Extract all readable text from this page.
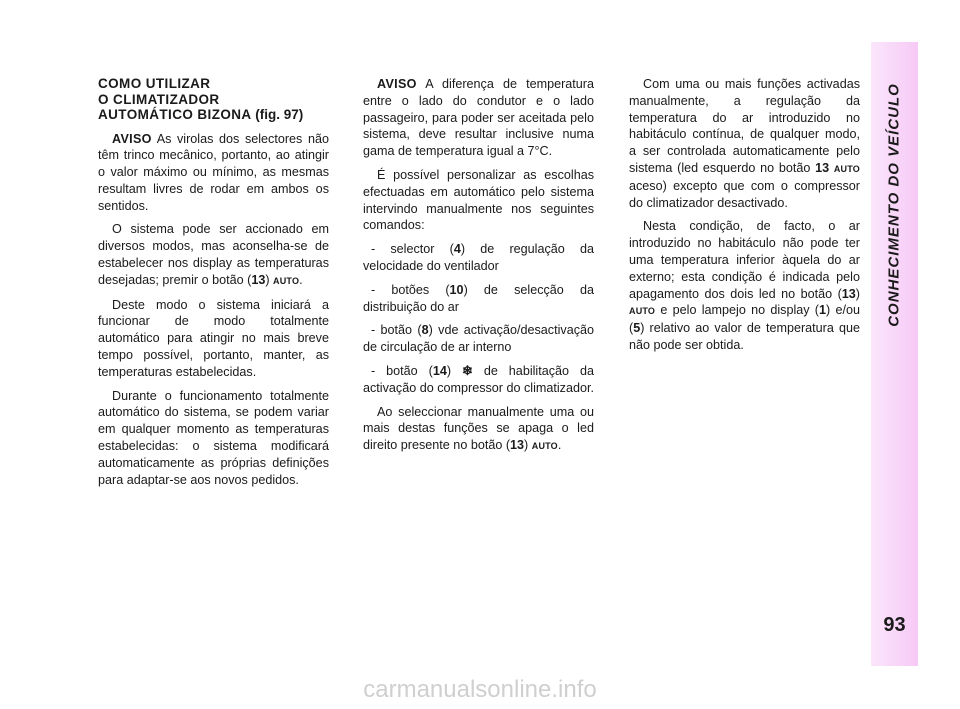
CONHECIMENTO DO VEÍCULO
93
COMO UTILIZAR
O CLIMATIZADOR
AUTOMÁTICO BIZONA (fig. 97)

AVISO As virolas dos selectores não têm trinco mecânico, portanto, ao atingir o valor máximo ou mínimo, as mesmas resultam livres de rodar em ambos os sentidos.

O sistema pode ser accionado em diversos modos, mas aconselha-se de estabelecer nos display as temperaturas desejadas; premir o botão (13) AUTO.

Deste modo o sistema iniciará a funcionar de modo totalmente automático para atingir no mais breve tempo possível, portanto, manter, as temperaturas estabelecidas.

Durante o funcionamento totalmente automático do sistema, se podem variar em qualquer momento as temperaturas estabelecidas: o sistema modificará automaticamente as próprias definições para adaptar-se aos novos pedidos.

AVISO A diferença de temperatura entre o lado do condutor e o lado passageiro, para poder ser aceitada pelo sistema, deve resultar inclusive numa gama de temperatura igual a 7°C.

É possível personalizar as escolhas efectuadas em automático pelo sistema intervindo manualmente nos seguintes comandos:

- selector (4) de regulação da velocidade do ventilador

- botões (10) de selecção da distribuição do ar

- botão (8) vde activação/desactivação de circulação de ar interno

- botão (14) ❄ de habilitação da activação do compressor do climatizador.

Ao seleccionar manualmente uma ou mais destas funções se apaga o led direito presente no botão (13) AUTO.

Com uma ou mais funções activadas manualmente, a regulação da temperatura do ar introduzido no habitáculo contínua, de qualquer modo, a ser controlada automaticamente pelo sistema (led esquerdo no botão 13 AUTO aceso) excepto que com o compressor do climatizador desactivado.

Nesta condição, de facto, o ar introduzido no habitáculo não pode ter uma temperatura inferior àquela do ar externo; esta condição é indicada pelo apagamento dos dois led no botão (13) AUTO e pelo lampejo no display (1) e/ou (5) relativo ao valor de temperatura que não pode ser obtida.

carmanualsonline.info
